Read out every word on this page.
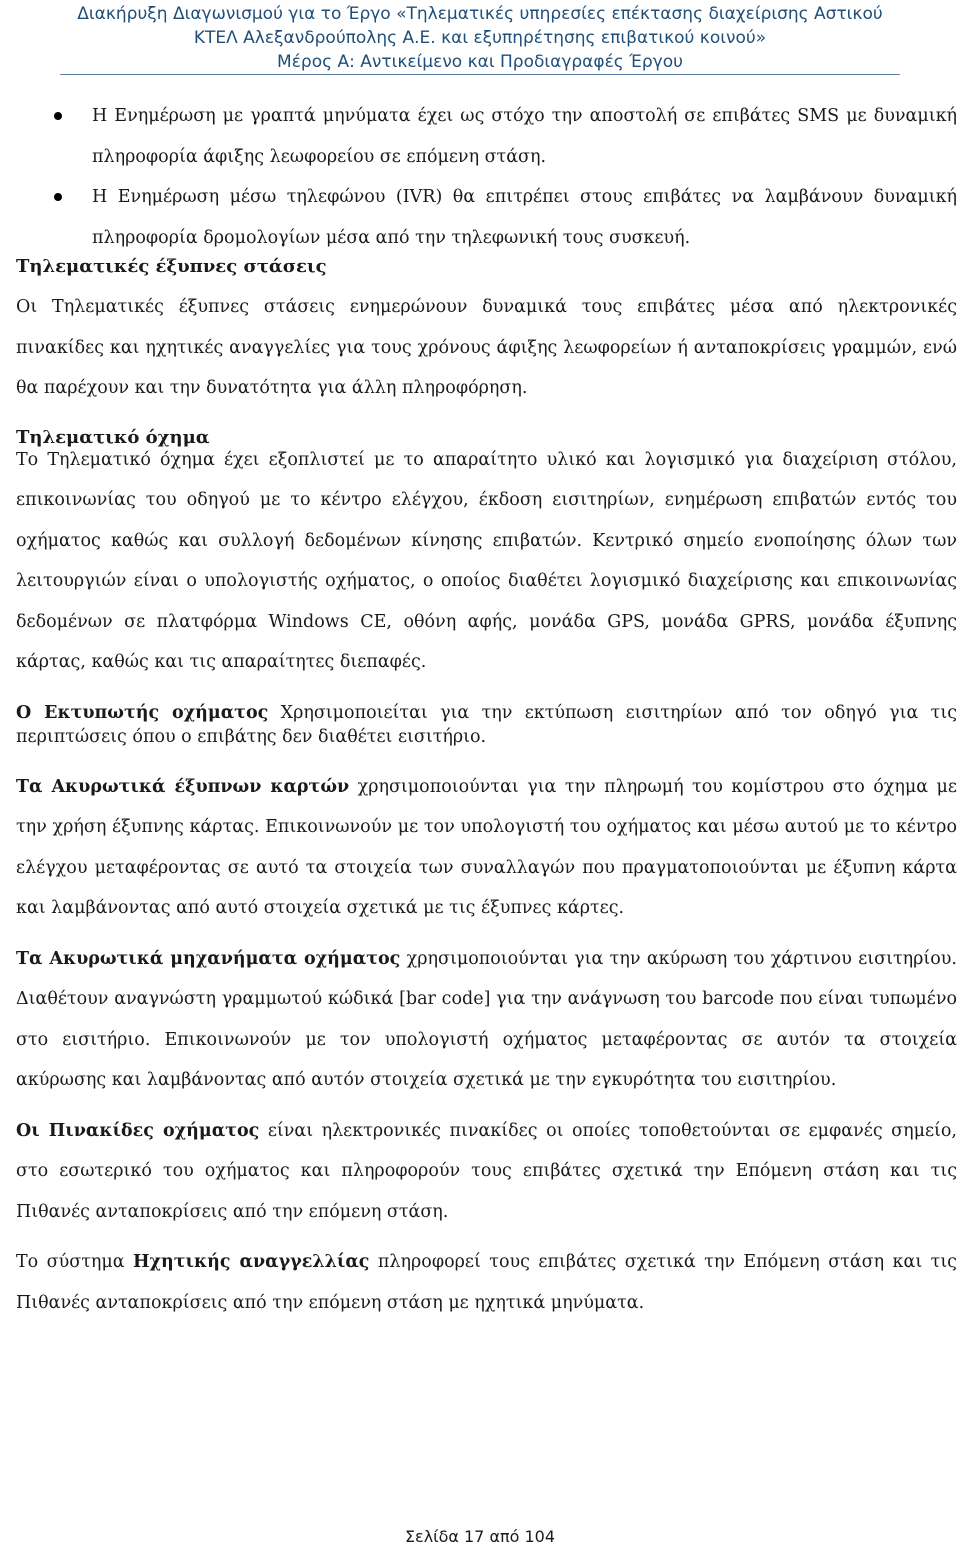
Διακήρυξη Διαγωνισμού για το Έργο «Τηλεματικές υπηρεσίες επέκτασης διαχείρισης Αστικού
ΚΤΕΛ Αλεξανδρούπολης Α.Ε. και εξυπηρέτησης επιβατικού κοινού»
Μέρος Α: Αντικείμενο και Προδιαγραφές Έργου
Η Ενημέρωση με γραπτά μηνύματα έχει ως στόχο την αποστολή σε επιβάτες SMS με δυναμική πληροφορία άφιξης λεωφορείου σε επόμενη στάση.
Η Ενημέρωση μέσω τηλεφώνου (IVR) θα επιτρέπει στους επιβάτες να λαμβάνουν δυναμική πληροφορία δρομολογίων μέσα από την τηλεφωνική τους συσκευή.

Τηλεματικές έξυπνες στάσεις

Οι Τηλεματικές έξυπνες στάσεις ενημερώνουν δυναμικά τους επιβάτες μέσα από ηλεκτρονικές πινακίδες και ηχητικές αναγγελίες για τους χρόνους άφιξης λεωφορείων ή ανταποκρίσεις γραμμών, ενώ θα παρέχουν και την δυνατότητα για άλλη πληροφόρηση.

Τηλεματικό όχημα

Το Τηλεματικό όχημα έχει εξοπλιστεί με το απαραίτητο υλικό και λογισμικό για διαχείριση στόλου, επικοινωνίας του οδηγού με το κέντρο ελέγχου, έκδοση εισιτηρίων, ενημέρωση επιβατών εντός του οχήματος καθώς και συλλογή δεδομένων κίνησης επιβατών. Κεντρικό σημείο ενοποίησης όλων των λειτουργιών είναι ο υπολογιστής οχήματος, ο οποίος διαθέτει λογισμικό διαχείρισης και επικοινωνίας δεδομένων σε πλατφόρμα Windows CE, οθόνη αφής, μονάδα GPS, μονάδα GPRS, μονάδα έξυπνης κάρτας, καθώς και τις απαραίτητες διεπαφές.

Ο Εκτυπωτής οχήματος Χρησιμοποιείται για την εκτύπωση εισιτηρίων από τον οδηγό για τις περιπτώσεις όπου ο επιβάτης δεν διαθέτει εισιτήριο.

Τα Ακυρωτικά έξυπνων καρτών χρησιμοποιούνται για την πληρωμή του κομίστρου στο όχημα με την χρήση έξυπνης κάρτας. Επικοινωνούν με τον υπολογιστή του οχήματος και μέσω αυτού με το κέντρο ελέγχου μεταφέροντας σε αυτό τα στοιχεία των συναλλαγών που πραγματοποιούνται με έξυπνη κάρτα και λαμβάνοντας από αυτό στοιχεία σχετικά με τις έξυπνες κάρτες.

Τα Ακυρωτικά μηχανήματα οχήματος χρησιμοποιούνται για την ακύρωση του χάρτινου εισιτηρίου. Διαθέτουν αναγνώστη γραμμωτού κώδικά [bar code] για την ανάγνωση του barcode που είναι τυπωμένο στο εισιτήριο. Επικοινωνούν με τον υπολογιστή οχήματος μεταφέροντας σε αυτόν τα στοιχεία ακύρωσης και λαμβάνοντας από αυτόν στοιχεία σχετικά με την εγκυρότητα του εισιτηρίου.

Οι Πινακίδες οχήματος είναι ηλεκτρονικές πινακίδες οι οποίες τοποθετούνται σε εμφανές σημείο, στο εσωτερικό του οχήματος και πληροφορούν τους επιβάτες σχετικά την Επόμενη στάση και τις Πιθανές ανταποκρίσεις από την επόμενη στάση.

Το σύστημα Ηχητικής αναγγελλίας πληροφορεί τους επιβάτες σχετικά την Επόμενη στάση και τις Πιθανές ανταποκρίσεις από την επόμενη στάση με ηχητικά μηνύματα.

Σελίδα 17 από 104
